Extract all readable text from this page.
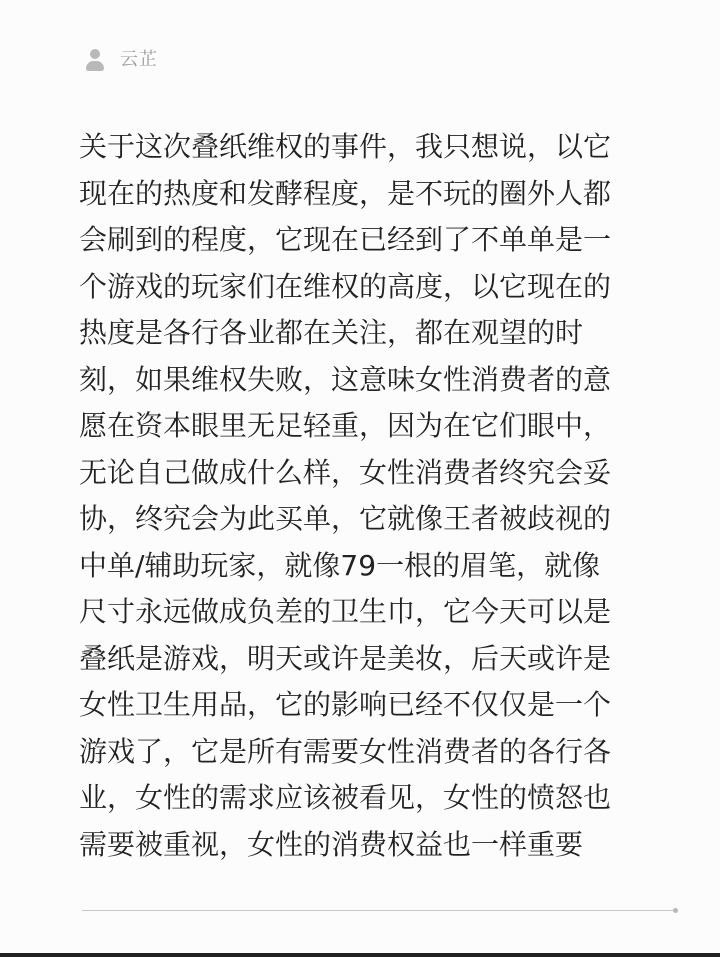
云芷
关于这次叠纸维权的事件，我只想说，以它
现在的热度和发酵程度，是不玩的圈外人都
会刷到的程度，它现在已经到了不单单是一
个游戏的玩家们在维权的高度，以它现在的
热度是各行各业都在关注，都在观望的时
刻，如果维权失败，这意味女性消费者的意
愿在资本眼里无足轻重，因为在它们眼中，
无论自己做成什么样，女性消费者终究会妥
协，终究会为此买单，它就像王者被歧视的
中单/辅助玩家，就像79一根的眉笔，就像
尺寸永远做成负差的卫生巾，它今天可以是
叠纸是游戏，明天或许是美妆，后天或许是
女性卫生用品，它的影响已经不仅仅是一个
游戏了，它是所有需要女性消费者的各行各
业，女性的需求应该被看见，女性的愤怒也
需要被重视，女性的消费权益也一样重要
